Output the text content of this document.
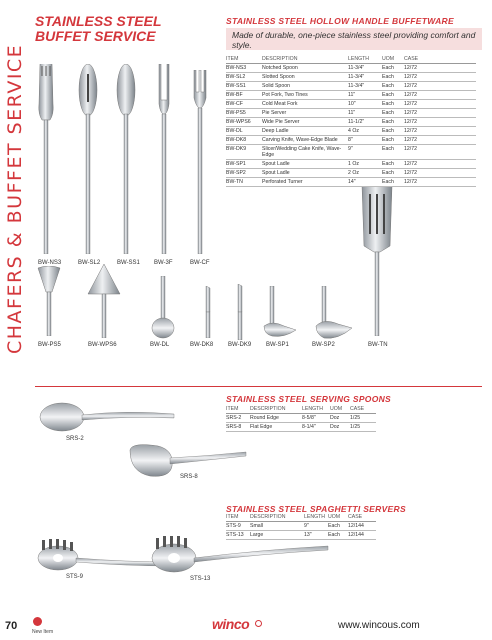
CHAFERS & BUFFET SERVICE
STAINLESS STEEL BUFFET SERVICE
BW-NS3	BW-SL2	BW-SS1 BW-3F	BW-CF
BW-PS5	BW-WPS6	BW-DL	BW-DK8 BW-DK9 BW-SP1	BW-SP2	BW-TN
STAINLESS STEEL HOLLOW HANDLE BUFFETWARE
Made of durable, one-piece stainless steel providing comfort and style.
ITEM	DESCRIPTION	LENGTH	UOM	CASE
BW-NS3	Notched Spoon	11-3/4"	Each	12/72
BW-SL2	Slotted Spoon	11-3/4"	Each	12/72
BW-SS1	Solid Spoon	11-3/4"	Each	12/72
BW-BF	Pot Fork, Two Tines	11"	Each	12/72
BW-CF	Cold Meat Fork	10"	Each	12/72
BW-PS5	Pie Server	11"	Each	12/72
BW-WPS6	Wide Pie Server	11-1/2"	Each	12/72
BW-DL	Deep Ladle	4 Oz	Each	12/72
BW-DK8	Carving Knife, Wave-Edge Blade	8"	Each	12/72
BW-DK9	Slicer/Wedding Cake Knife, Wave-Edge	9"	Each	12/72
BW-SP1	Spout Ladle	1 Oz	Each	12/72
BW-SP2	Spout Ladle	2 Oz	Each	12/72
BW-TN	Perforated Turner	14"	Each	12/72
STAINLESS STEEL SERVING SPOONS
ITEM	DESCRIPTION	LENGTH	UOM	CASE
SRS-2	Round Edge	8-5/8"	Doz	1/25
SRS-8	Flat Edge	8-1/4"	Doz	1/25
SRS-2
SRS-8
STAINLESS STEEL SPAGHETTI SERVERS
ITEM	DESCRIPTION	LENGTH	UOM	CASE
STS-9	Small	9"	Each	12/144
STS-13	Large	13"	Each	12/144
STS-9	STS-13
70	New Item	winco	www.wincous.com
